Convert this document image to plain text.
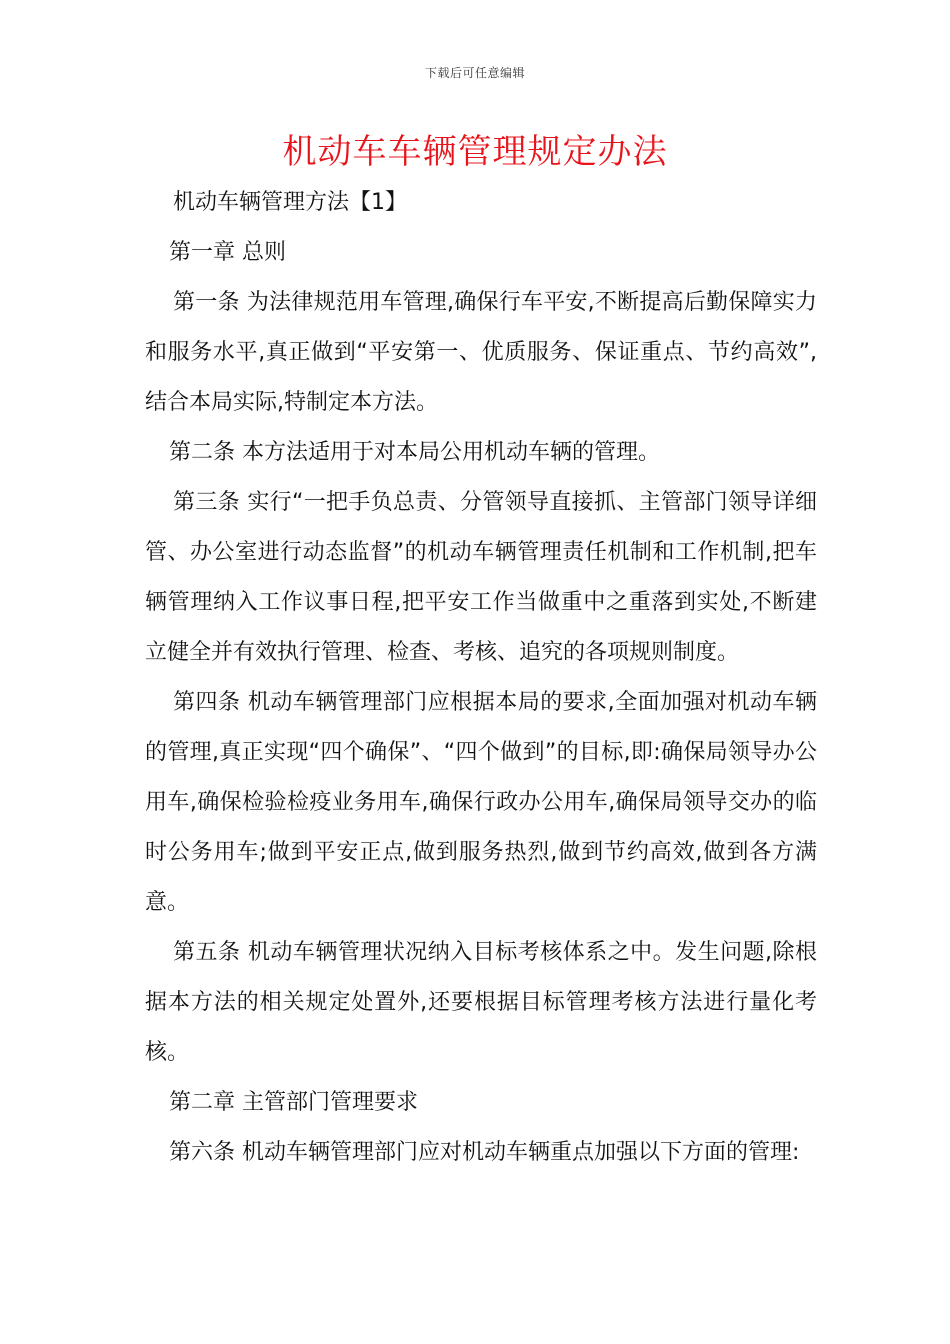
下载后可任意编辑
机动车车辆管理规定办法

机动车辆管理方法【1】

第一章 总则

第一条 为法律规范用车管理,确保行车平安,不断提高后勤保障实力和服务水平,真正做到“平安第一、优质服务、保证重点、节约高效”,结合本局实际,特制定本方法。

第二条 本方法适用于对本局公用机动车辆的管理。

第三条 实行“一把手负总责、分管领导直接抓、主管部门领导详细管、办公室进行动态监督”的机动车辆管理责任机制和工作机制,把车辆管理纳入工作议事日程,把平安工作当做重中之重落到实处,不断建立健全并有效执行管理、检查、考核、追究的各项规则制度。

第四条 机动车辆管理部门应根据本局的要求,全面加强对机动车辆的管理,真正实现“四个确保”、“四个做到”的目标,即:确保局领导办公用车,确保检验检疫业务用车,确保行政办公用车,确保局领导交办的临时公务用车;做到平安正点,做到服务热烈,做到节约高效,做到各方满意。

第五条 机动车辆管理状况纳入目标考核体系之中。发生问题,除根据本方法的相关规定处置外,还要根据目标管理考核方法进行量化考核。

第二章 主管部门管理要求

第六条 机动车辆管理部门应对机动车辆重点加强以下方面的管理:
